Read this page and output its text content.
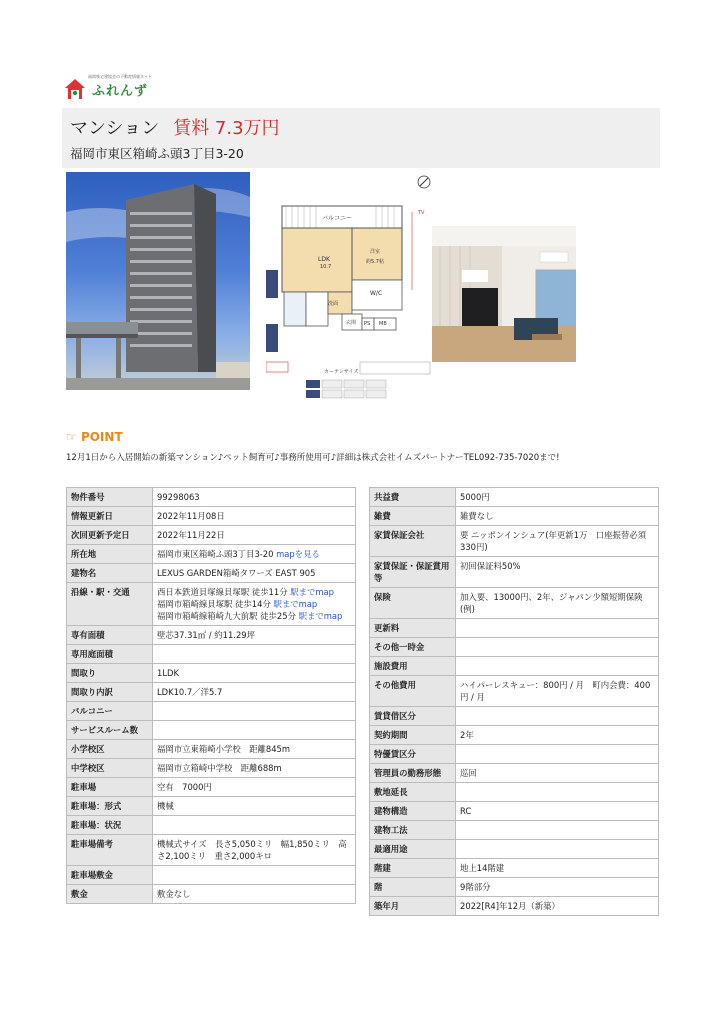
福岡県宅建協会の不動産情報ネット
ふれんず
マンション 賃料 7.3万円
福岡市東区箱崎ふ頭3丁目3-20
バルコニー
LDK
10.7
洋室
約5.7帖
W/C
洗面
玄関 PS MB
TV
カーテンサイズ
☞ POINT
12月1日から入居開始の新築マンション♪ペット飼育可♪事務所使用可♪詳細は株式会社イムズパートナーTEL092-735-7020まで!
物件番号	99298063
情報更新日	2022年11月08日
次回更新予定日	2022年11月22日
所在地	福岡市東区箱崎ふ頭3丁目3-20 mapを見る
建物名	LEXUS GARDEN箱崎タワーズ EAST 905
沿線・駅・交通	西日本鉄道貝塚線貝塚駅 徒歩11分 駅までmap
福岡市箱崎線貝塚駅 徒歩14分 駅までmap
福岡市箱崎線箱崎九大前駅 徒歩25分 駅までmap

専有面積	壁芯37.31㎡ / 約11.29坪
専用庭面積	
間取り	1LDK
間取り内訳	LDK10.7／洋5.7
バルコニー	
サービスルーム数	
小学校区	福岡市立東箱崎小学校　距離845m
中学校区	福岡市立箱崎中学校　距離688m
駐車場	空有　7000円
駐車場：形式	機械
駐車場：状況	
駐車場備考	機械式サイズ　長さ5,050ミリ　幅1,850ミリ　高さ2,100ミリ　重さ2,000キロ
駐車場敷金	
敷金	敷金なし
共益費	5000円
雑費	雑費なし
家賃保証会社	要 ニッポンインシュア(年更新1万　口座振替必須330円)
家賃保証・保証賞用等	初回保証料50%
保険	加入要、13000円、2年、ジャパン少額短期保険(例)
更新料	
その他一時金	
施設費用	
その他費用	ハイパーレスキュー：800円 / 月　町内会費：400円 / 月
賃貸借区分	
契約期間	2年
特優賃区分	
管理員の勤務形態	巡回
敷地延長	
建物構造	RC
建物工法	
最適用途	
階建	地上14階建
階	9階部分
築年月	2022[R4]年12月（新築）
